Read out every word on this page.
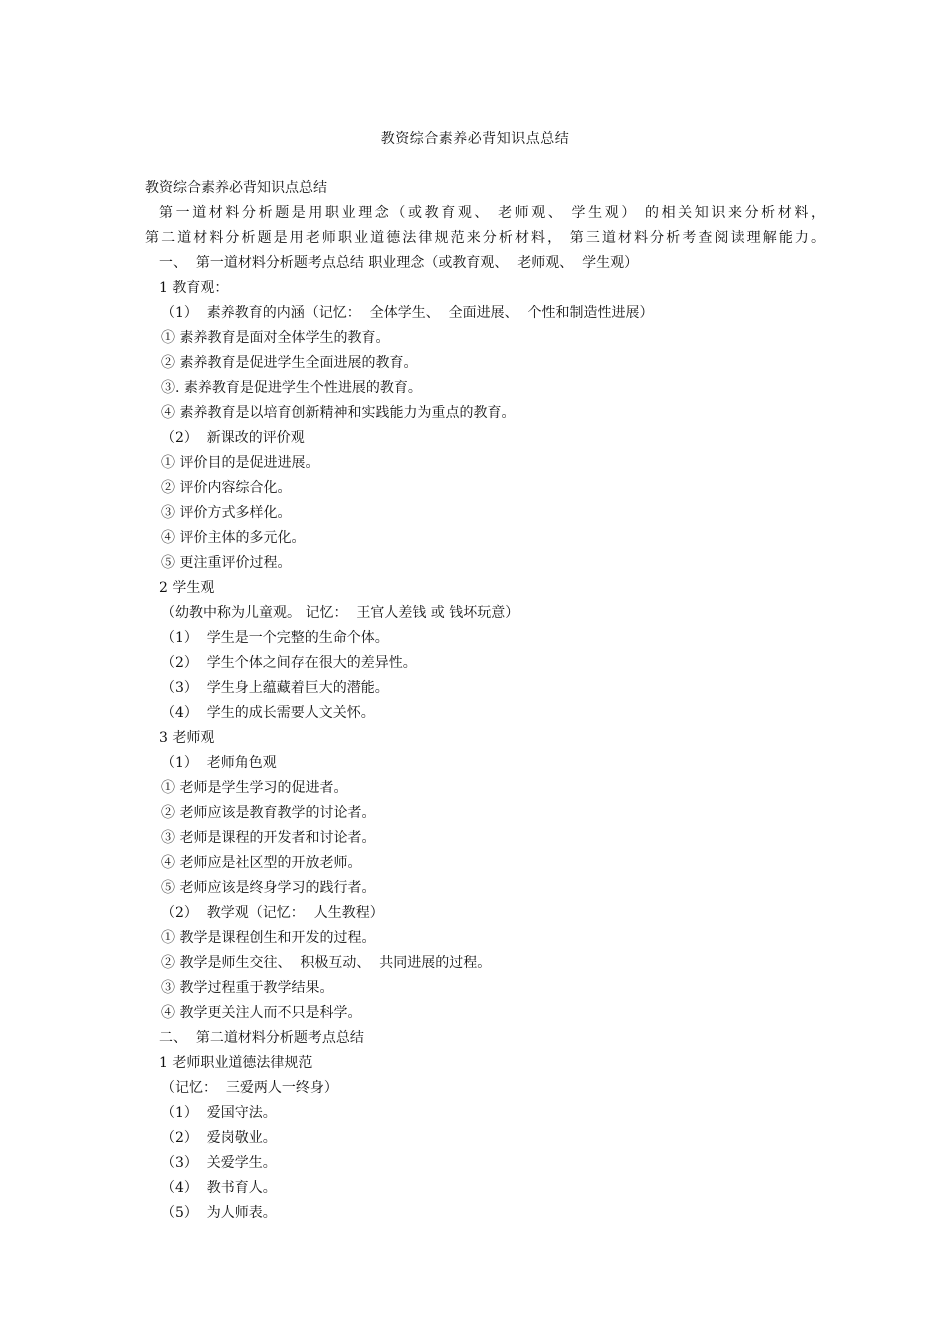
教资综合素养必背知识点总结
教资综合素养必背知识点总结
第一道材料分析题是用职业理念（或教育观、 老师观、 学生观） 的相关知识来分析材料，
第二道材料分析题是用老师职业道德法律规范来分析材料， 第三道材料分析考查阅读理解能力。
一、  第一道材料分析题考点总结 职业理念（或教育观、  老师观、  学生观）
1 教育观：
（1）  素养教育的内涵（记忆：  全体学生、  全面进展、  个性和制造性进展）
① 素养教育是面对全体学生的教育。
② 素养教育是促进学生全面进展的教育。
③. 素养教育是促进学生个性进展的教育。
④ 素养教育是以培育创新精神和实践能力为重点的教育。
（2）  新课改的评价观
① 评价目的是促进进展。
② 评价内容综合化。
③ 评价方式多样化。
④ 评价主体的多元化。
⑤ 更注重评价过程。
2 学生观
（幼教中称为儿童观。 记忆：  王官人差钱 或 钱坏玩意）
（1）  学生是一个完整的生命个体。
（2）  学生个体之间存在很大的差异性。
（3）  学生身上蕴藏着巨大的潜能。
（4）  学生的成长需要人文关怀。
3 老师观
（1）  老师角色观
① 老师是学生学习的促进者。
② 老师应该是教育教学的讨论者。
③ 老师是课程的开发者和讨论者。
④ 老师应是社区型的开放老师。
⑤ 老师应该是终身学习的践行者。
（2）  教学观（记忆：  人生教程）
① 教学是课程创生和开发的过程。
② 教学是师生交往、  积极互动、  共同进展的过程。
③ 教学过程重于教学结果。
④ 教学更关注人而不只是科学。
二、  第二道材料分析题考点总结
1 老师职业道德法律规范
（记忆：  三爱两人一终身）
（1）  爱国守法。
（2）  爱岗敬业。
（3）  关爱学生。
（4）  教书育人。
（5）  为人师表。
